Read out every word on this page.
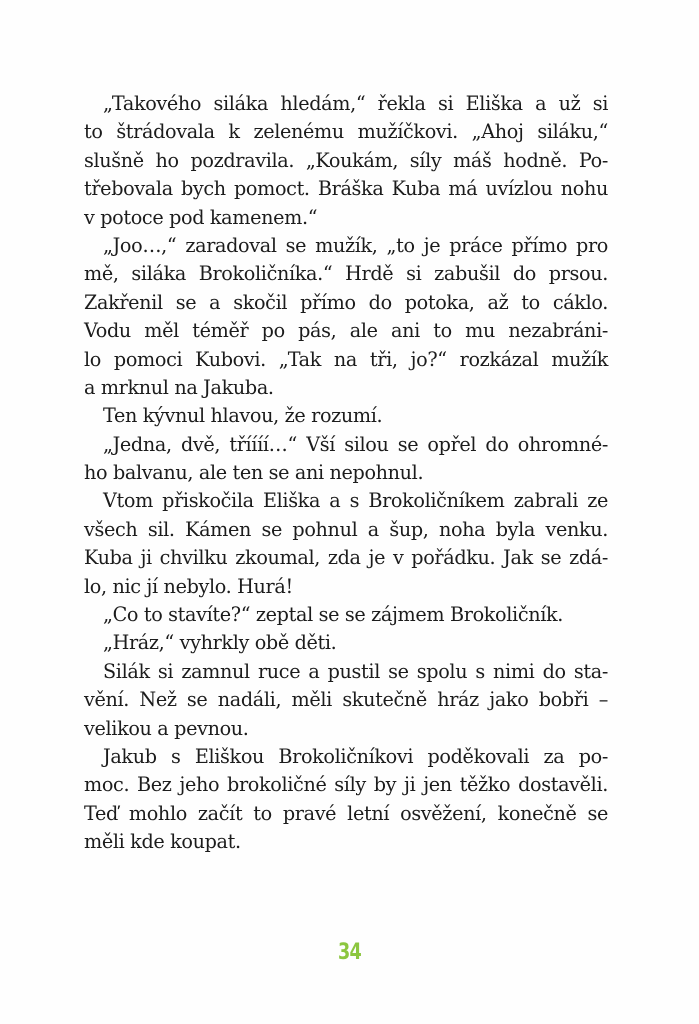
„Takového siláka hledám,“ řekla si Eliška a už si
to štrádovala k zelenému mužíčkovi. „Ahoj siláku,“
slušně ho pozdravila. „Koukám, síly máš hodně. Po-
třebovala bych pomoct. Bráška Kuba má uvízlou nohu
v potoce pod kamenem.“
„Joo…,“ zaradoval se mužík, „to je práce přímo pro
mě, siláka Brokoličníka.“ Hrdě si zabušil do prsou.
Zakřenil se a skočil přímo do potoka, až to cáklo.
Vodu měl téměř po pás, ale ani to mu nezabráni-
lo pomoci Kubovi. „Tak na tři, jo?“ rozkázal mužík
a mrknul na Jakuba.
Ten kývnul hlavou, že rozumí.
„Jedna, dvě, tříííí…“ Vší silou se opřel do ohromné-
ho balvanu, ale ten se ani nepohnul.
Vtom přiskočila Eliška a s Brokoličníkem zabrali ze
všech sil. Kámen se pohnul a šup, noha byla venku.
Kuba ji chvilku zkoumal, zda je v pořádku. Jak se zdá-
lo, nic jí nebylo. Hurá!
„Co to stavíte?“ zeptal se se zájmem Brokoličník.
„Hráz,“ vyhrkly obě děti.
Silák si zamnul ruce a pustil se spolu s nimi do sta-
vění. Než se nadáli, měli skutečně hráz jako bobři –
velikou a pevnou.
Jakub s Eliškou Brokoličníkovi poděkovali za po-
moc. Bez jeho brokoličné síly by ji jen těžko dostavěli.
Teď mohlo začít to pravé letní osvěžení, konečně se
měli kde koupat.
34
